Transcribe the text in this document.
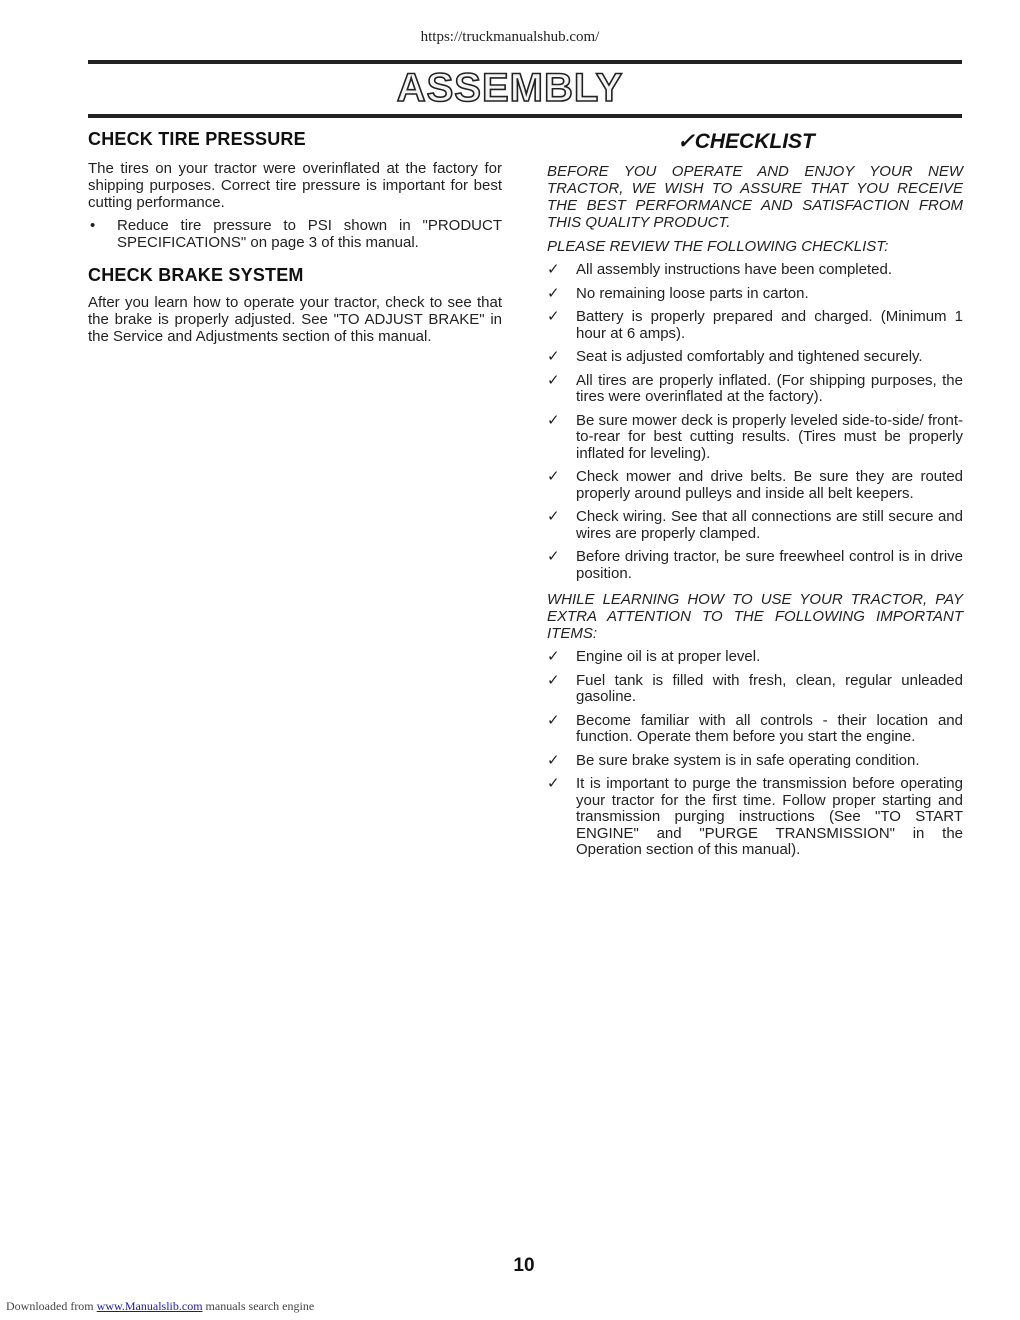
https://truckmanualshub.com/
ASSEMBLY
CHECK TIRE PRESSURE

The tires on your tractor were overinflated at the factory for shipping purposes. Correct tire pressure is important for best cutting performance.

•	Reduce tire pressure to PSI shown in "PRODUCT SPECIFICATIONS" on page 3 of this manual.
CHECK BRAKE SYSTEM

After you learn how to operate your tractor, check to see that the brake is properly adjusted. See "TO ADJUST BRAKE" in the Service and Adjustments section of this manual.

✓CHECKLIST

BEFORE YOU OPERATE AND ENJOY YOUR NEW TRACTOR, WE WISH TO ASSURE THAT YOU RECEIVE THE BEST PERFORMANCE AND SATISFACTION FROM THIS QUALITY PRODUCT.

PLEASE REVIEW THE FOLLOWING CHECKLIST:

✓	All assembly instructions have been completed.
✓	No remaining loose parts in carton.
✓	Battery is properly prepared and charged. (Minimum 1 hour at 6 amps).
✓	Seat is adjusted comfortably and tightened securely.
✓	All tires are properly inflated. (For shipping purposes, the tires were overinflated at the factory).
✓	Be sure mower deck is properly leveled side-to-side/ front-to-rear for best cutting results. (Tires must be properly inflated for leveling).
✓	Check mower and drive belts. Be sure they are routed properly around pulleys and inside all belt keepers.
✓	Check wiring. See that all connections are still secure and wires are properly clamped.
✓	Before driving tractor, be sure freewheel control is in drive position.

WHILE LEARNING HOW TO USE YOUR TRACTOR, PAY EXTRA ATTENTION TO THE FOLLOWING IMPORTANT ITEMS:

✓	Engine oil is at proper level.
✓	Fuel tank is filled with fresh, clean, regular unleaded gasoline.
✓	Become familiar with all controls - their location and function. Operate them before you start the engine.
✓	Be sure brake system is in safe operating condition.
✓	It is important to purge the transmission before operating your tractor for the first time. Follow proper starting and transmission purging instructions (See "TO START ENGINE" and "PURGE TRANSMISSION" in the Operation section of this manual).
10
Downloaded from www.Manualslib.com manuals search engine
